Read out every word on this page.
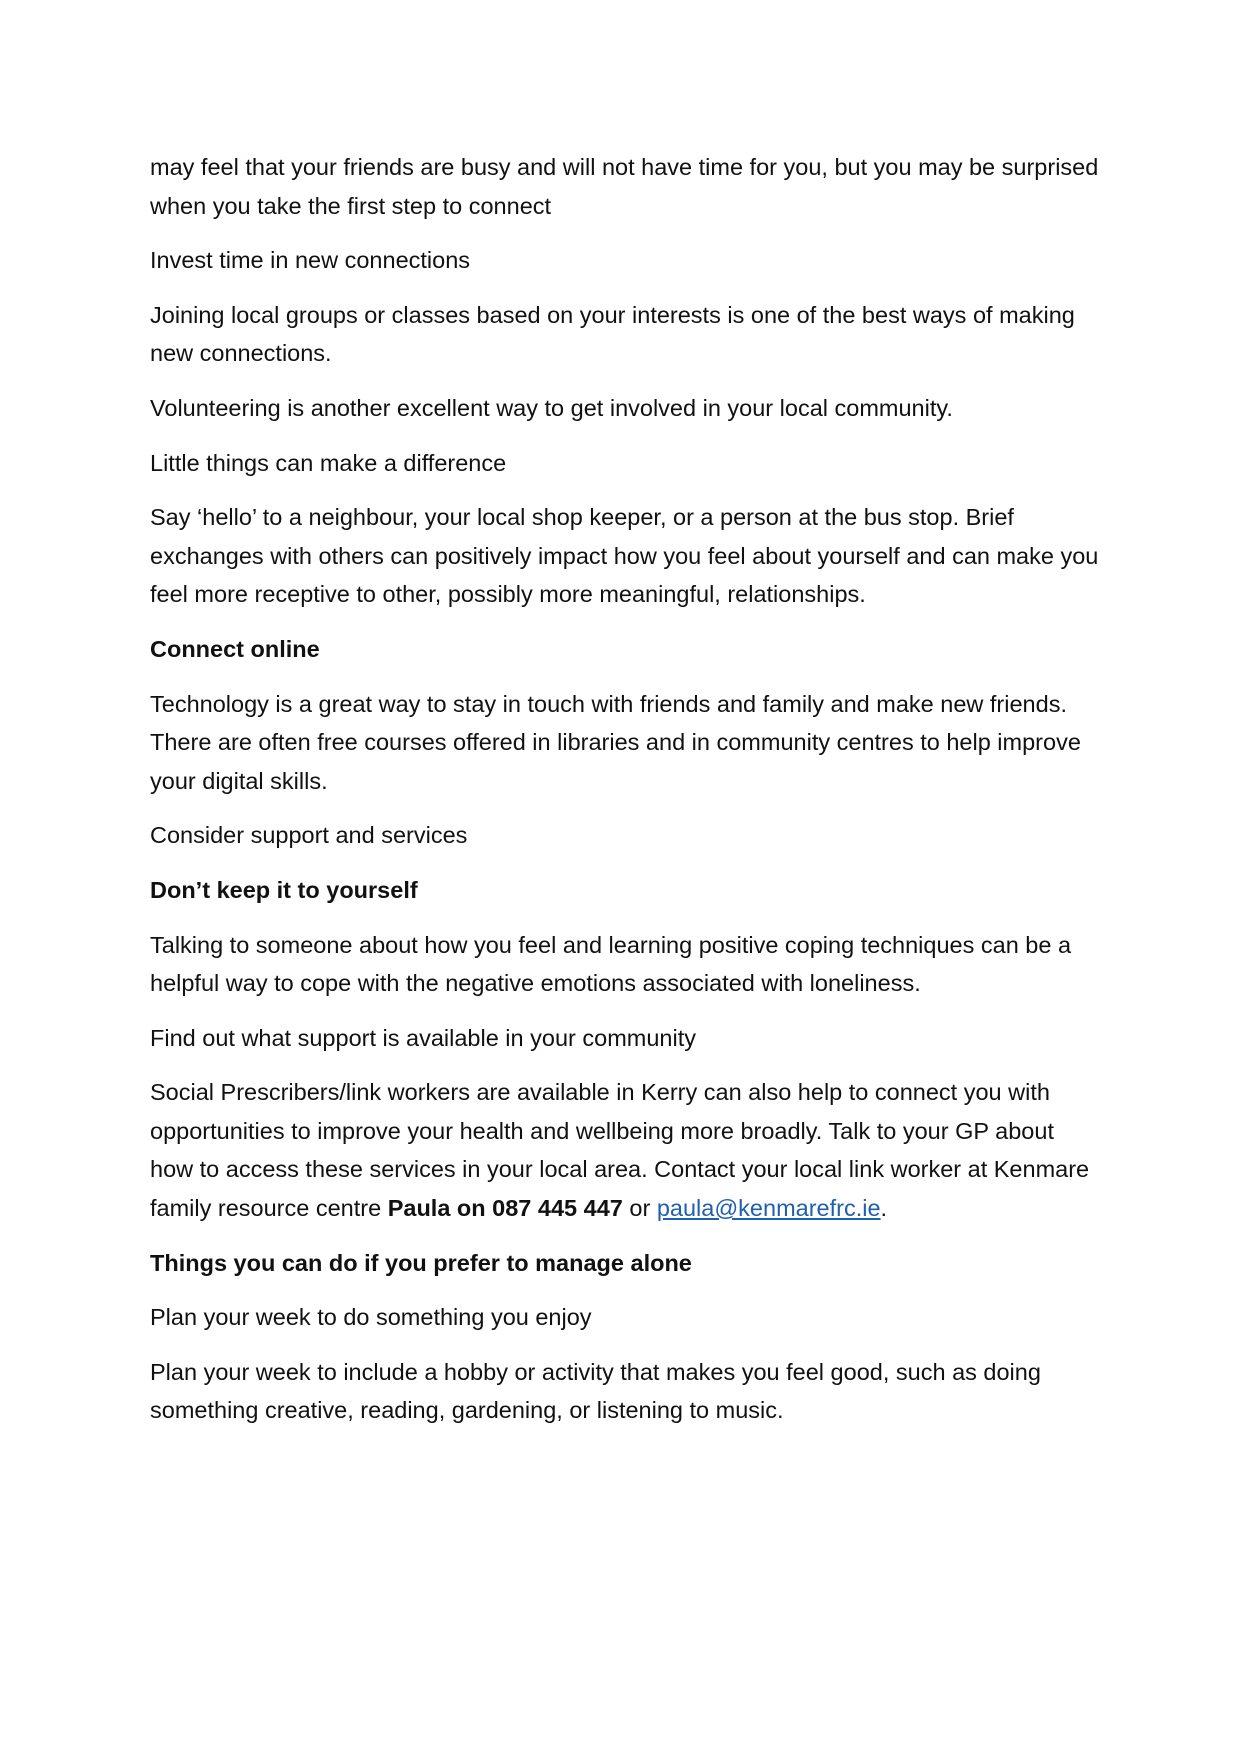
may feel that your friends are busy and will not have time for you, but you may be surprised when you take the first step to connect

Invest time in new connections

Joining local groups or classes based on your interests is one of the best ways of making new connections.

Volunteering is another excellent way to get involved in your local community.

Little things can make a difference

Say ‘hello’ to a neighbour, your local shop keeper, or a person at the bus stop. Brief exchanges with others can positively impact how you feel about yourself and can make you feel more receptive to other, possibly more meaningful, relationships.

Connect online

Technology is a great way to stay in touch with friends and family and make new friends. There are often free courses offered in libraries and in community centres to help improve your digital skills.

Consider support and services

Don’t keep it to yourself

Talking to someone about how you feel and learning positive coping techniques can be a helpful way to cope with the negative emotions associated with loneliness.

Find out what support is available in your community

Social Prescribers/link workers are available in Kerry can also help to connect you with opportunities to improve your health and wellbeing more broadly. Talk to your GP about how to access these services in your local area. Contact your local link worker at Kenmare family resource centre Paula on 087 445 447 or paula@kenmarefrc.ie.

Things you can do if you prefer to manage alone

Plan your week to do something you enjoy

Plan your week to include a hobby or activity that makes you feel good, such as doing something creative, reading, gardening, or listening to music.
